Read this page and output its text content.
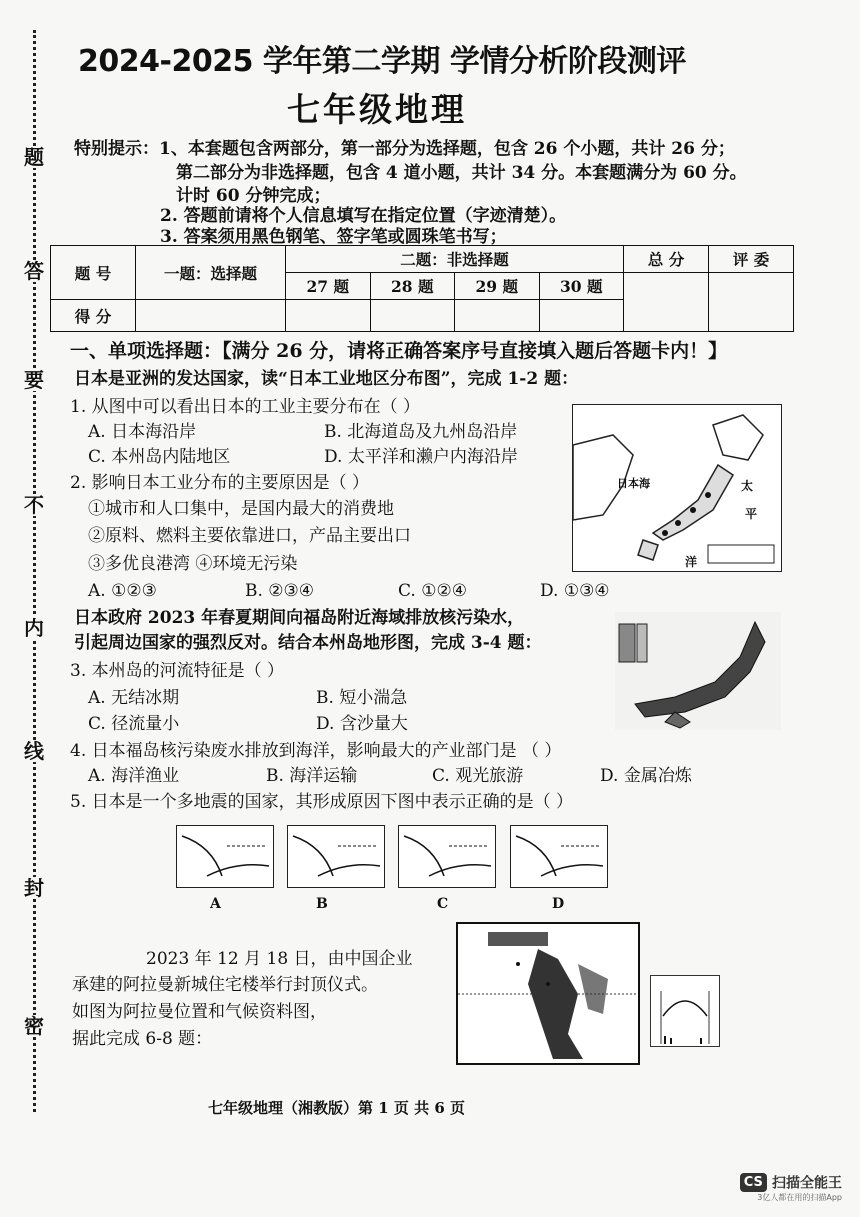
题
答
要
不
内
线
封
密
2024-2025 学年第二学期 学情分析阶段测评
七年级地理
特别提示：1、本套题包含两部分，第一部分为选择题，包含 26 个小题，共计 26 分；
第二部分为非选择题，包含 4 道小题，共计 34 分。本套题满分为 60 分。
计时 60 分钟完成；
2. 答题前请将个人信息填写在指定位置（字迹清楚）。
3. 答案须用黑色钢笔、签字笔或圆珠笔书写；
题 号	一题：选择题	二题：非选择题				总 分	评 委
		27 题	28 题	29 题	30 题		
得 分							
一、单项选择题：【满分 26 分，请将正确答案序号直接填入题后答题卡内！】
日本是亚洲的发达国家，读“日本工业地区分布图”，完成 1-2 题：
1. 从图中可以看出日本的工业主要分布在（ ）
A. 日本海沿岸	B. 北海道岛及九州岛沿岸
C. 本州岛内陆地区	D. 太平洋和濑户内海沿岸
2. 影响日本工业分布的主要原因是（ ）
①城市和人口集中，是国内最大的消费地
②原料、燃料主要依靠进口，产品主要出口
③多优良港湾 ④环境无污染
A. ①②③	B. ②③④	C. ①②④	D. ①③④
日本海	太
平
洋
日本政府 2023 年春夏期间向福岛附近海域排放核污染水，
引起周边国家的强烈反对。结合本州岛地形图，完成 3-4 题：
3. 本州岛的河流特征是（ ）
A. 无结冰期	B. 短小湍急
C. 径流量小	D. 含沙量大
4. 日本福岛核污染废水排放到海洋，影响最大的产业部门是 （ ）
A. 海洋渔业	B. 海洋运输	C. 观光旅游	D. 金属冶炼
5. 日本是一个多地震的国家，其形成原因下图中表示正确的是（ ）
A	B	C	D
2023 年 12 月 18 日，由中国企业
承建的阿拉曼新城住宅楼举行封顶仪式。
如图为阿拉曼位置和气候资料图，
据此完成 6-8 题：
七年级地理（湘教版）第 1 页 共 6 页
CS 扫描全能王
3亿人都在用的扫描App
